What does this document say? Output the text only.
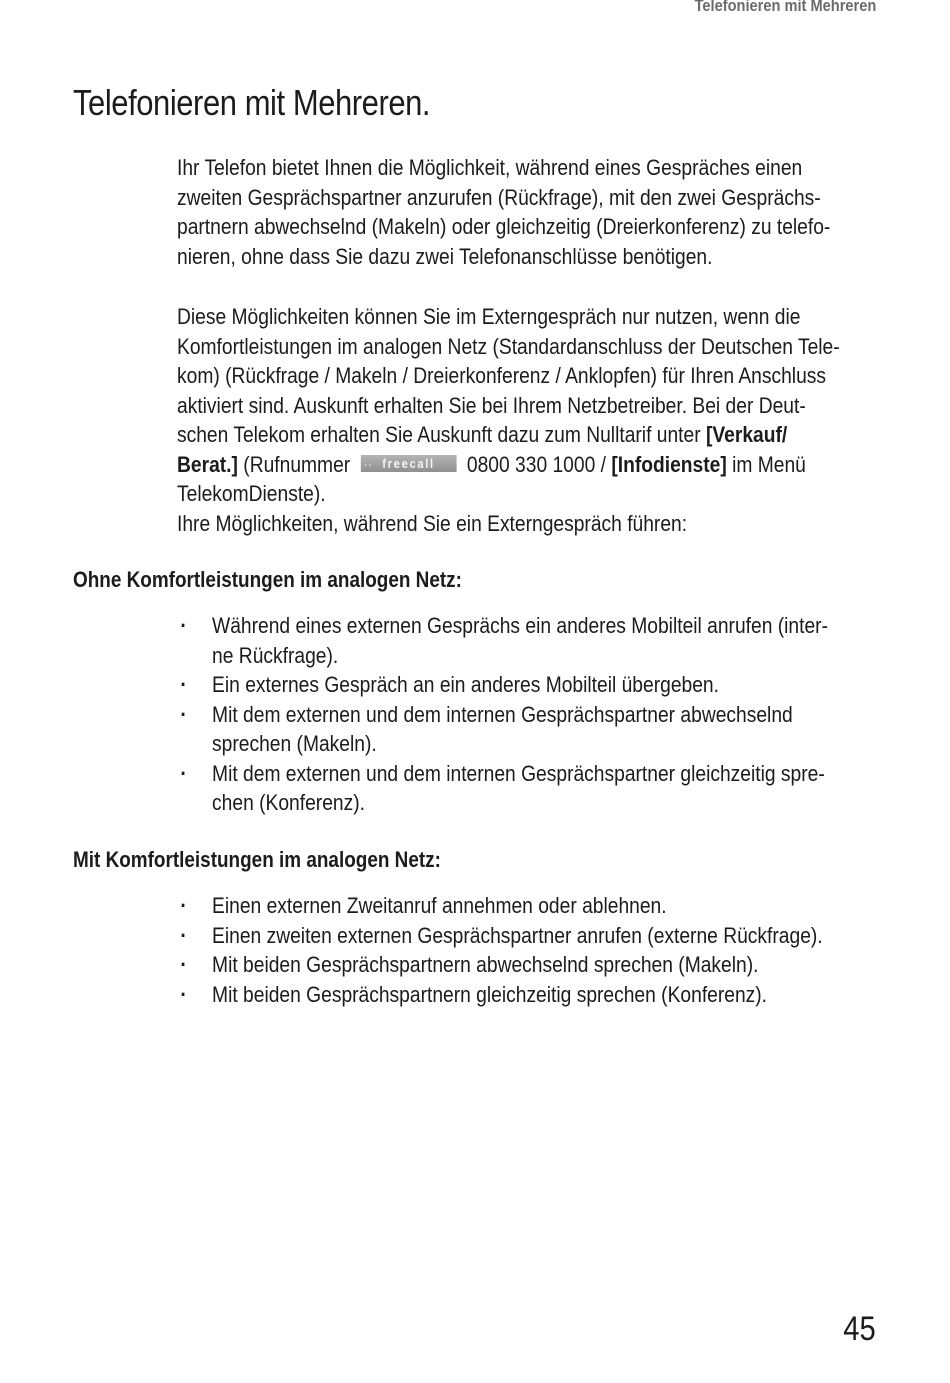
Telefonieren mit Mehreren
Telefonieren mit Mehreren.

Ihr Telefon bietet Ihnen die Möglichkeit, während eines Gespräches einen
zweiten Gesprächspartner anzurufen (Rückfrage), mit den zwei Gesprächs-
partnern abwechselnd (Makeln) oder gleichzeitig (Dreierkonferenz) zu telefo-
nieren, ohne dass Sie dazu zwei Telefonanschlüsse benötigen.

Diese Möglichkeiten können Sie im Externgespräch nur nutzen, wenn die
Komfortleistungen im analogen Netz (Standardanschluss der Deutschen Tele-
kom) (Rückfrage / Makeln / Dreierkonferenz / Anklopfen) für Ihren Anschluss
aktiviert sind. Auskunft erhalten Sie bei Ihrem Netzbetreiber. Bei der Deut-
schen Telekom erhalten Sie Auskunft dazu zum Nulltarif unter [Verkauf/
Berat.] (Rufnummer ·· freecall 0800 330 1000 / [Infodienste] im Menü
TelekomDienste).
Ihre Möglichkeiten, während Sie ein Externgespräch führen:

Ohne Komfortleistungen im analogen Netz:
· Während eines externen Gesprächs ein anderes Mobilteil anrufen (inter-
ne Rückfrage).
· Ein externes Gespräch an ein anderes Mobilteil übergeben.
· Mit dem externen und dem internen Gesprächspartner abwechselnd
sprechen (Makeln).
· Mit dem externen und dem internen Gesprächspartner gleichzeitig spre-
chen (Konferenz).
Mit Komfortleistungen im analogen Netz:
· Einen externen Zweitanruf annehmen oder ablehnen.
· Einen zweiten externen Gesprächspartner anrufen (externe Rückfrage).
· Mit beiden Gesprächspartnern abwechselnd sprechen (Makeln).
· Mit beiden Gesprächspartnern gleichzeitig sprechen (Konferenz).
45
